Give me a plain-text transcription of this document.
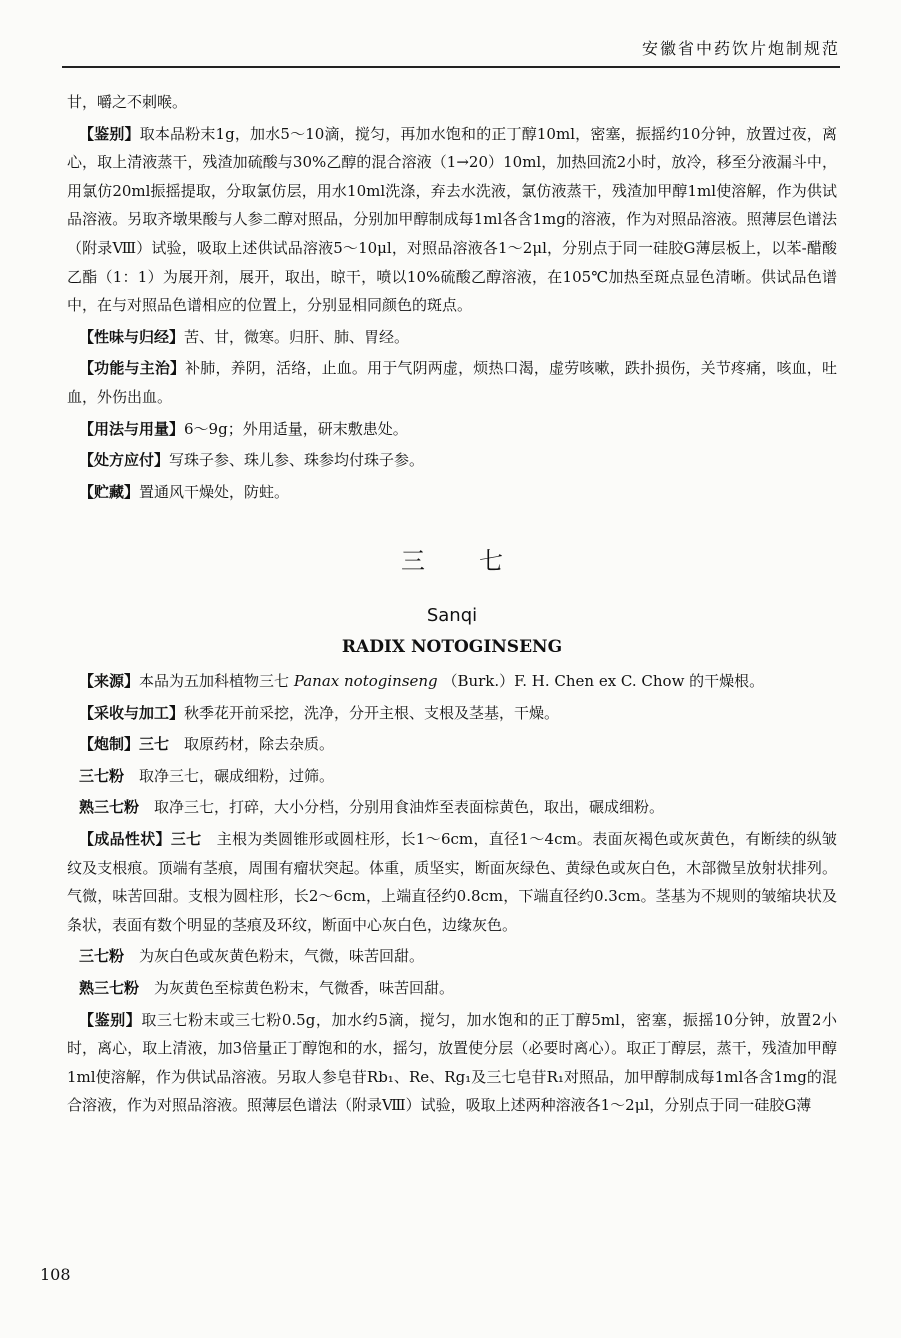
安徽省中药饮片炮制规范

甘，嚼之不刺喉。

【鉴别】取本品粉末1g，加水5～10滴，搅匀，再加水饱和的正丁醇10ml，密塞，振摇约10分钟，放置过夜，离心，取上清液蒸干，残渣加硫酸与30%乙醇的混合溶液（1→20）10ml，加热回流2小时，放冷，移至分液漏斗中，用氯仿20ml振摇提取，分取氯仿层，用水10ml洗涤，弃去水洗液，氯仿液蒸干，残渣加甲醇1ml使溶解，作为供试品溶液。另取齐墩果酸与人参二醇对照品，分别加甲醇制成每1ml各含1mg的溶液，作为对照品溶液。照薄层色谱法（附录Ⅷ）试验，吸取上述供试品溶液5～10μl，对照品溶液各1～2μl，分别点于同一硅胶G薄层板上，以苯-醋酸乙酯（1：1）为展开剂，展开，取出，晾干，喷以10%硫酸乙醇溶液，在105℃加热至斑点显色清晰。供试品色谱中，在与对照品色谱相应的位置上，分别显相同颜色的斑点。

【性味与归经】苦、甘，微寒。归肝、肺、胃经。

【功能与主治】补肺，养阴，活络，止血。用于气阴两虚，烦热口渴，虚劳咳嗽，跌扑损伤，关节疼痛，咳血，吐血，外伤出血。

【用法与用量】6～9g；外用适量，研末敷患处。

【处方应付】写珠子参、珠儿参、珠参均付珠子参。

【贮藏】置通风干燥处，防蛀。

三七

Sanqi

RADIX NOTOGINSENG

【来源】本品为五加科植物三七 Panax notoginseng （Burk.）F. H. Chen ex C. Chow 的干燥根。

【采收与加工】秋季花开前采挖，洗净，分开主根、支根及茎基，干燥。

【炮制】三七　取原药材，除去杂质。

三七粉　取净三七，碾成细粉，过筛。

熟三七粉　取净三七，打碎，大小分档，分别用食油炸至表面棕黄色，取出，碾成细粉。

【成品性状】三七　主根为类圆锥形或圆柱形，长1～6cm，直径1～4cm。表面灰褐色或灰黄色，有断续的纵皱纹及支根痕。顶端有茎痕，周围有瘤状突起。体重，质坚实，断面灰绿色、黄绿色或灰白色，木部微呈放射状排列。气微，味苦回甜。支根为圆柱形，长2～6cm，上端直径约0.8cm，下端直径约0.3cm。茎基为不规则的皱缩块状及条状，表面有数个明显的茎痕及环纹，断面中心灰白色，边缘灰色。

三七粉　为灰白色或灰黄色粉末，气微，味苦回甜。

熟三七粉　为灰黄色至棕黄色粉末，气微香，味苦回甜。

【鉴别】取三七粉末或三七粉0.5g，加水约5滴，搅匀，加水饱和的正丁醇5ml，密塞，振摇10分钟，放置2小时，离心，取上清液，加3倍量正丁醇饱和的水，摇匀，放置使分层（必要时离心）。取正丁醇层，蒸干，残渣加甲醇1ml使溶解，作为供试品溶液。另取人参皂苷Rb₁、Re、Rg₁及三七皂苷R₁对照品，加甲醇制成每1ml各含1mg的混合溶液，作为对照品溶液。照薄层色谱法（附录Ⅷ）试验，吸取上述两种溶液各1～2μl，分别点于同一硅胶G薄

108
